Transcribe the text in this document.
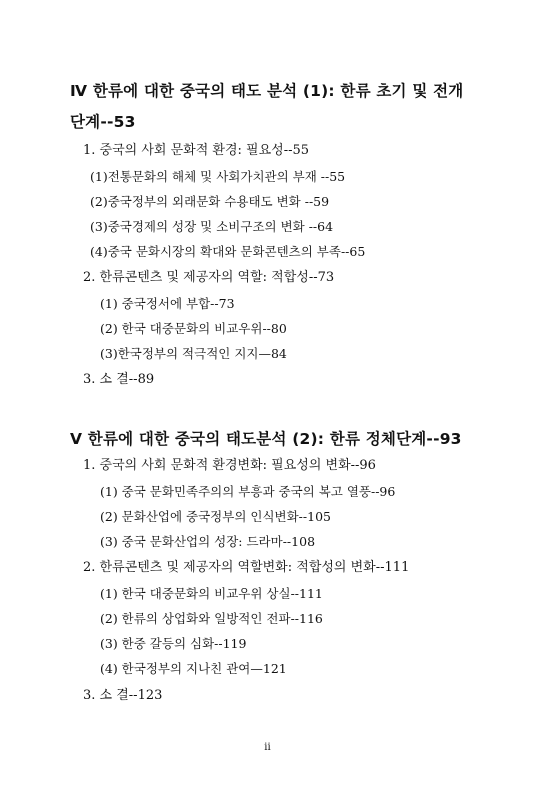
Ⅳ 한류에 대한 중국의 태도 분석 (1): 한류 초기 및 전개 단계--53
1. 중국의 사회 문화적 환경: 필요성--55
(1)전통문화의 해체 및 사회가치관의 부재 --55
(2)중국정부의 외래문화 수용태도 변화 --59
(3)중국경제의 성장 및 소비구조의 변화 --64
(4)중국 문화시장의 확대와 문화콘텐츠의 부족--65
2. 한류콘텐츠 및 제공자의 역할: 적합성--73
(1) 중국정서에 부합--73
(2) 한국 대중문화의 비교우위--80
(3)한국정부의 적극적인 지지—84
3. 소 결--89
Ⅴ 한류에 대한 중국의 태도분석 (2): 한류 정체단계--93
1. 중국의 사회 문화적 환경변화: 필요성의 변화--96
(1) 중국 문화민족주의의 부흥과 중국의 복고 열풍--96
(2) 문화산업에 중국정부의 인식변화--105
(3) 중국 문화산업의 성장: 드라마--108
2. 한류콘텐츠 및 제공자의 역할변화: 적합성의 변화--111
(1) 한국 대중문화의 비교우위 상실--111
(2) 한류의 상업화와 일방적인 전파--116
(3) 한중 갈등의 심화--119
(4) 한국정부의 지나친 관여—121
3. 소 결--123
ii
